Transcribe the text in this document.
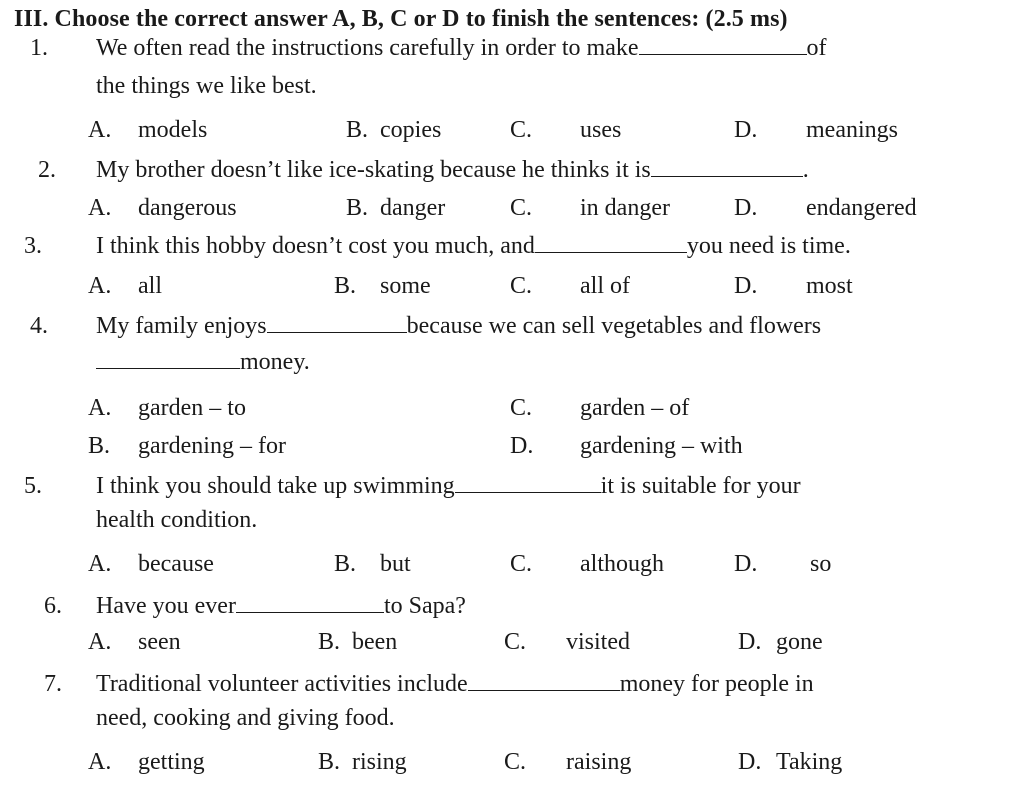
III. Choose the correct answer A, B, C or D to finish the sentences: (2.5 ms)
1. We often read the instructions carefully in order to make	of
the things we like best.
A. models	B. copies	C. uses	D. meanings
2. My brother doesn’t like ice-skating because he thinks it is	.
A. dangerous	B. danger	C. in danger	D. endangered
3. I think this hobby doesn’t cost you much, and	you need is time.
A. all	B. some	C. all of	D. most
4. My family enjoys	because we can sell vegetables and flowers
money.
A. garden – to	C. garden – of
B. gardening – for	D. gardening – with
5. I think you should take up swimming	it is suitable for your
health condition.
A. because	B. but	C. although	D. so
6. Have you ever	to Sapa?
A. seen	B. been	C. visited	D. gone
7. Traditional volunteer activities include	money for people in
need, cooking and giving food.
A. getting	B. rising	C. raising	D. Taking
